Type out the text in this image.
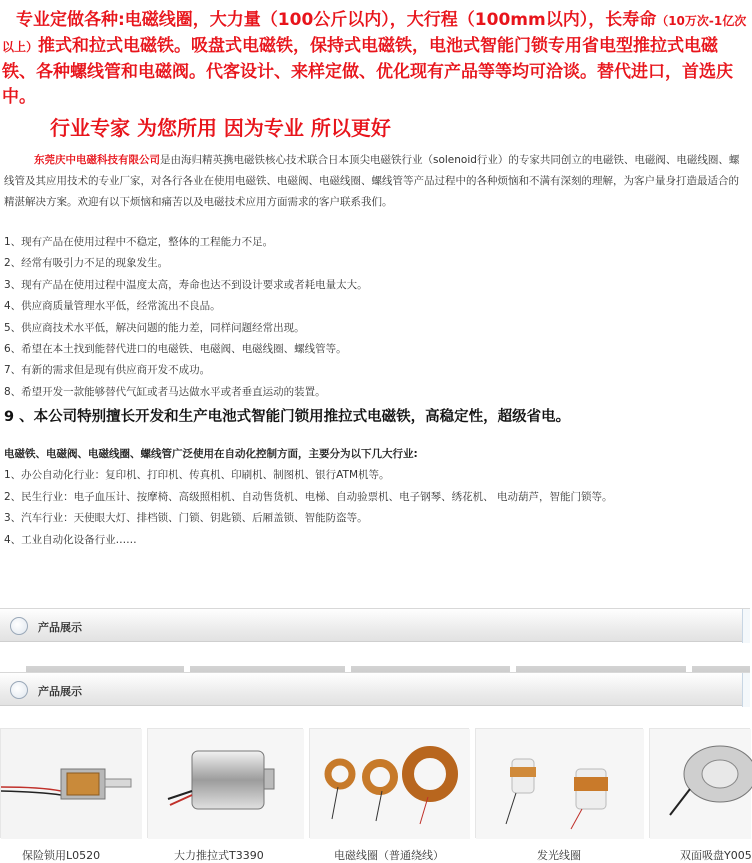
专业定做各种:电磁线圈，大力量（100公斤以内），大行程（100mm以内），长寿命（10万次-1亿次以上）推式和拉式电磁铁。吸盘式电磁铁，保持式电磁铁，电池式智能门锁专用省电型推拉式电磁铁、各种螺线管和电磁阀。代客设计、来样定做、优化现有产品等等均可洽谈。替代进口，首选庆中。
行业专家 为您所用 因为专业 所以更好
东莞庆中电磁科技有限公司是由海归精英携电磁铁核心技术联合日本顶尖电磁铁行业（solenoid行业）的专家共同创立的电磁铁、电磁阀、电磁线圈、螺线管及其应用技术的专业厂家，对各行各业在使用电磁铁、电磁阀、电磁线圈、螺线管等产品过程中的各种烦恼和不满有深刻的理解，为客户量身打造最适合的精湛解决方案。欢迎有以下烦恼和痛苦以及电磁技术应用方面需求的客户联系我们。
1、现有产品在使用过程中不稳定，整体的工程能力不足。
2、经常有吸引力不足的现象发生。
3、现有产品在使用过程中温度太高，寿命也达不到设计要求或者耗电量太大。
4、供应商质量管理水平低，经常流出不良品。
5、供应商技术水平低，解决问题的能力差，同样问题经常出现。
6、希望在本土找到能替代进口的电磁铁、电磁阀、电磁线圈、螺线管等。
7、有新的需求但是现有供应商开发不成功。
8、希望开发一款能够替代气缸或者马达做水平或者垂直运动的装置。
9 、本公司特别擅长开发和生产电池式智能门锁用推拉式电磁铁，高稳定性，超级省电。
电磁铁、电磁阀、电磁线圈、螺线管广泛使用在自动化控制方面，主要分为以下几大行业:
1、办公自动化行业：复印机、打印机、传真机、印刷机、制图机、银行ATM机等。
2、民生行业：电子血压计、按摩椅、高级照相机、自动售货机、电梯、自动验票机、电子钢琴、绣花机、 电动葫芦，智能门锁等。
3、汽车行业：天使眼大灯、排档锁、门锁、钥匙锁、后厢盖锁、智能防盗等。
4、工业自动化设备行业……
产品展示
产品展示
保险锁用L0520	大力推拉式T3390	电磁线圈（普通绕线）	发光线圈	双面吸盘Y005
